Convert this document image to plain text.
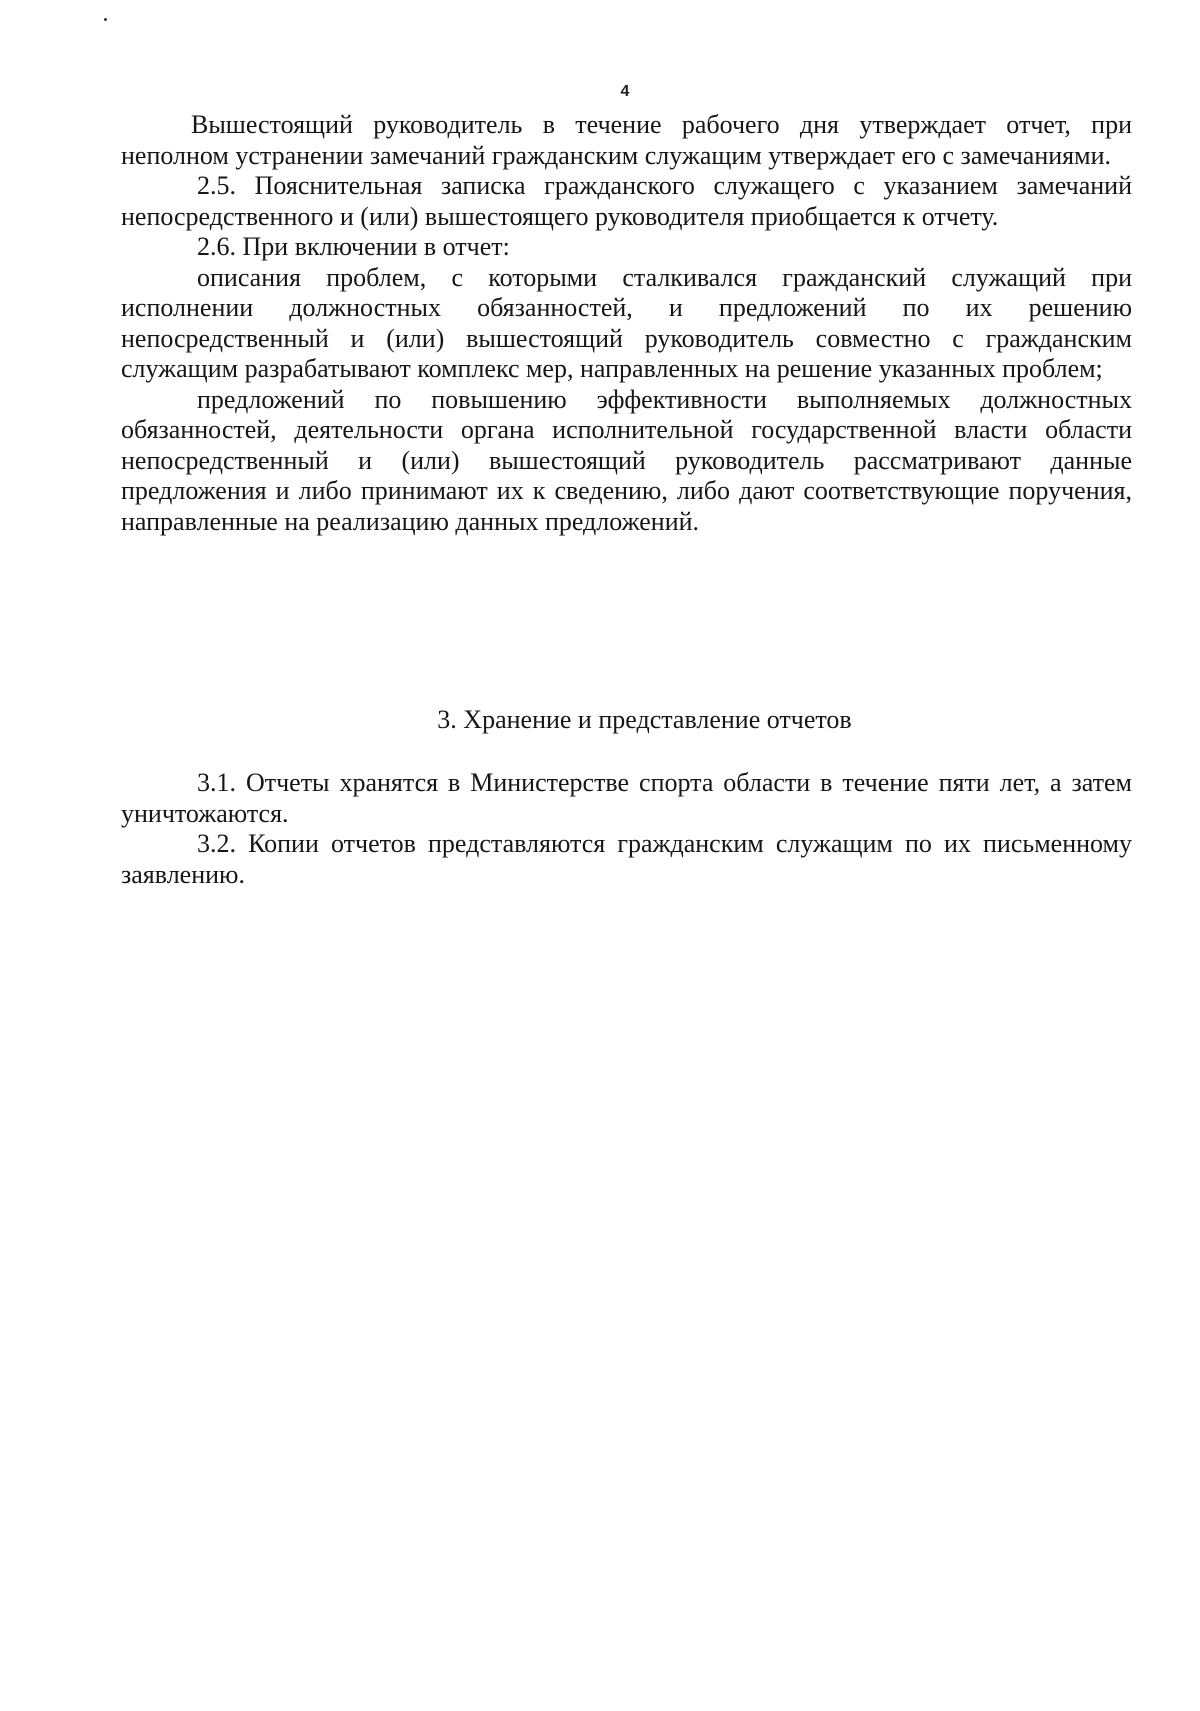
4

Вышестоящий руководитель в течение рабочего дня утверждает отчет, при неполном устранении замечаний гражданским служащим утверждает его с замечаниями.

2.5. Пояснительная записка гражданского служащего с указанием замечаний непосредственного и (или) вышестоящего руководителя приобщается к отчету.

2.6. При включении в отчет:

описания проблем, с которыми сталкивался гражданский служащий при исполнении должностных обязанностей, и предложений по их решению непосредственный и (или) вышестоящий руководитель совместно с гражданским служащим разрабатывают комплекс мер, направленных на решение указанных проблем;

предложений по повышению эффективности выполняемых должностных обязанностей, деятельности органа исполнительной государственной власти области непосредственный и (или) вышестоящий руководитель рассматривают данные предложения и либо принимают их к сведению, либо дают соответствующие поручения, направленные на реализацию данных предложений.

3. Хранение и представление отчетов

3.1. Отчеты хранятся в Министерстве спорта области в течение пяти лет, а затем уничтожаются.

3.2. Копии отчетов представляются гражданским служащим по их письменному заявлению.
